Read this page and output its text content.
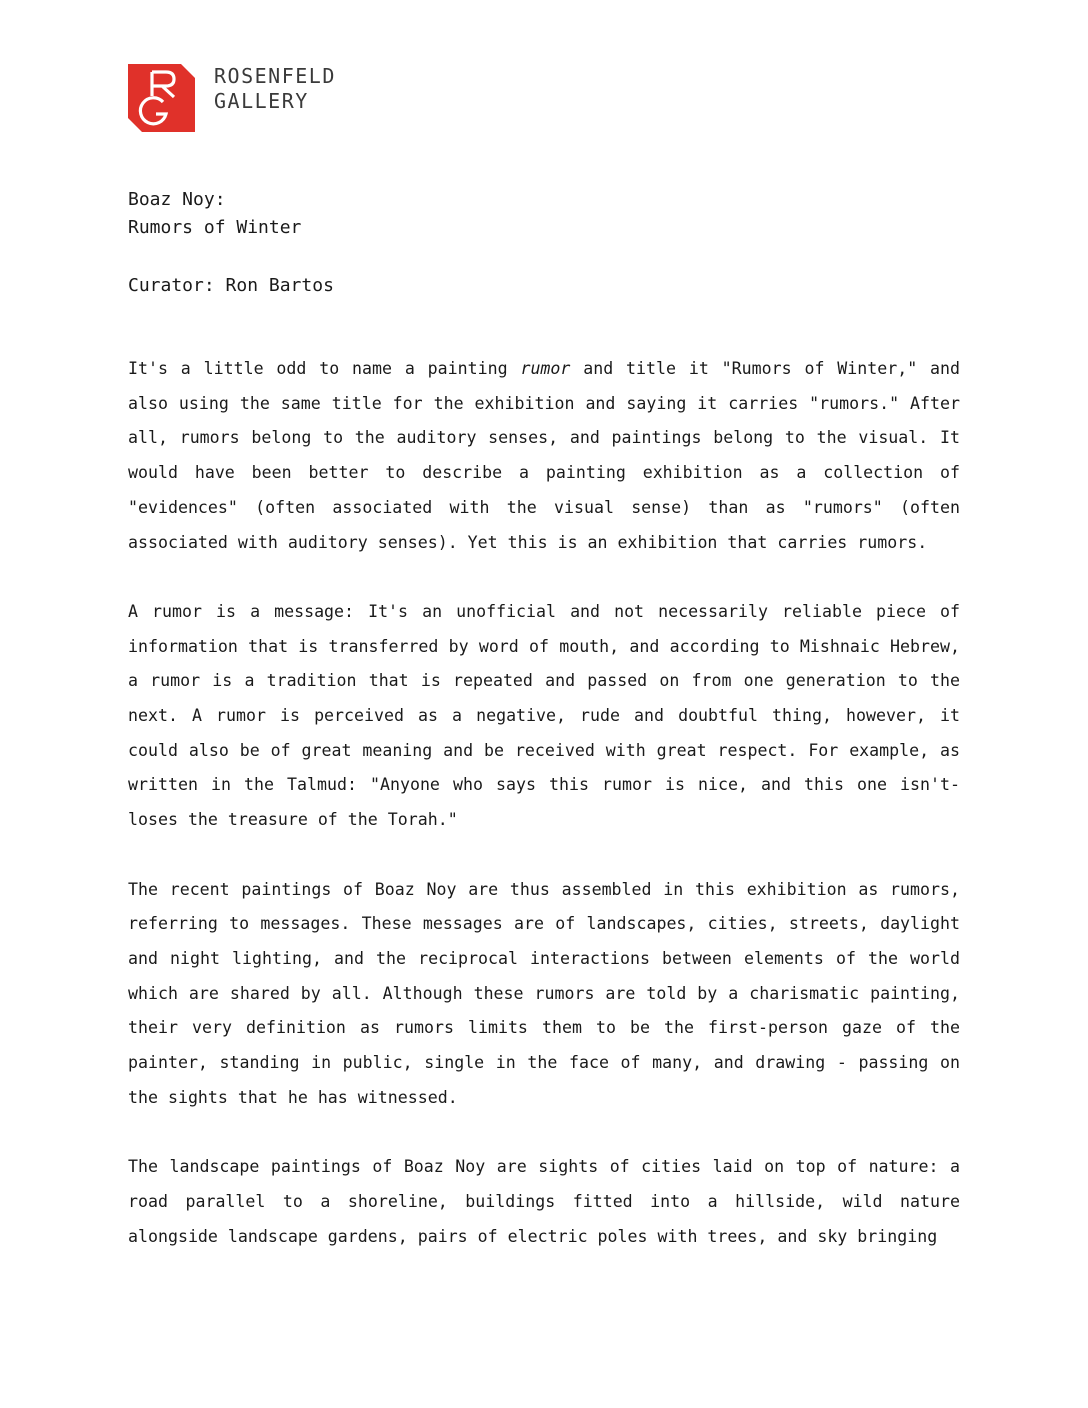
ROSENFELD
GALLERY
Boaz Noy:
Rumors of Winter
Curator: Ron Bartos

It's a little odd to name a painting rumor and title it "Rumors of Winter," and also using the same title for the exhibition and saying it carries "rumors." After all, rumors belong to the auditory senses, and paintings belong to the visual. It would have been better to describe a painting exhibition as a collection of "evidences" (often associated with the visual sense) than as "rumors" (often associated with auditory senses). Yet this is an exhibition that carries rumors.

A rumor is a message: It's an unofficial and not necessarily reliable piece of information that is transferred by word of mouth, and according to Mishnaic Hebrew, a rumor is a tradition that is repeated and passed on from one generation to the next. A rumor is perceived as a negative, rude and doubtful thing, however, it could also be of great meaning and be received with great respect. For example, as written in the Talmud: "Anyone who says this rumor is nice, and this one isn't- loses the treasure of the Torah."

The recent paintings of Boaz Noy are thus assembled in this exhibition as rumors, referring to messages. These messages are of landscapes, cities, streets, daylight and night lighting, and the reciprocal interactions between elements of the world which are shared by all. Although these rumors are told by a charismatic painting, their very definition as rumors limits them to be the first-person gaze of the painter, standing in public, single in the face of many, and drawing - passing on the sights that he has witnessed.

The landscape paintings of Boaz Noy are sights of cities laid on top of nature: a road parallel to a shoreline, buildings fitted into a hillside, wild nature alongside landscape gardens, pairs of electric poles with trees, and sky bringing
